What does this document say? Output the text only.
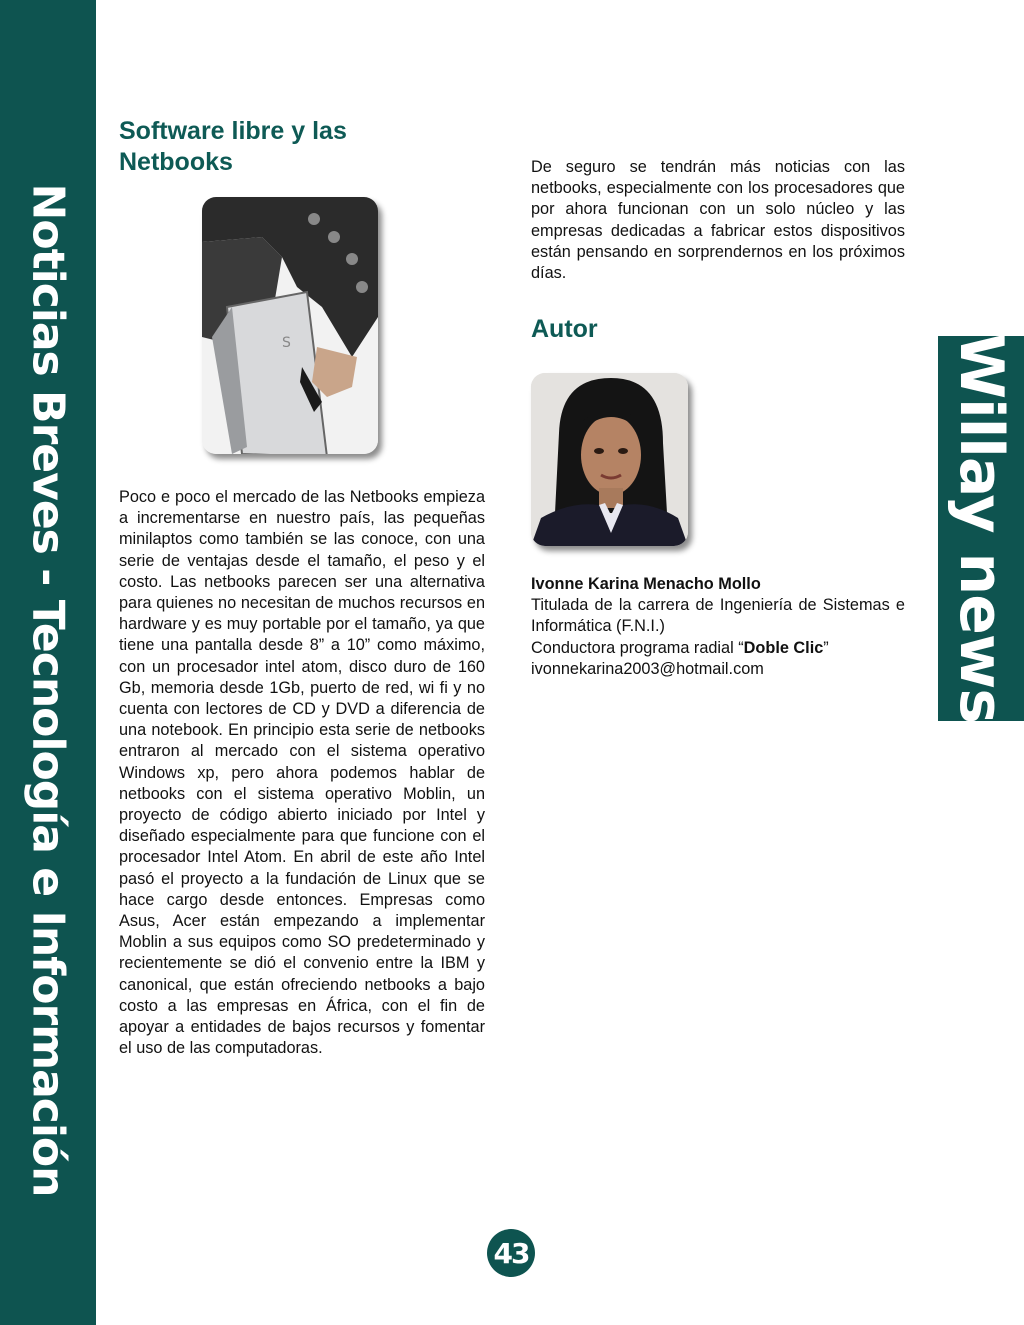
Noticias Breves - Tecnología e Información	Willay news
Software libre y las Netbooks
S

Poco e poco el mercado de las Netbooks empieza a incrementarse en nuestro país, las pequeñas minilaptos como también se las conoce, con una serie de ventajas desde el tamaño, el peso y el costo. Las netbooks parecen ser una alternativa para quienes no necesitan de muchos recursos en hardware y es muy portable por el tamaño, ya que tiene una pantalla desde 8” a 10” como máximo, con un procesador intel atom, disco duro de 160 Gb, memoria desde 1Gb, puerto de red, wi fi y no cuenta con lectores de CD y DVD a diferencia de una notebook. En principio esta serie de netbooks entraron al mercado con el sistema operativo Windows xp, pero ahora podemos hablar de netbooks con el sistema operativo Moblin, un proyecto de código abierto iniciado por Intel y diseñado especialmente para que funcione con el procesador Intel Atom. En abril de este año Intel pasó el proyecto a la fundación de Linux que se hace cargo desde entonces. Empresas como Asus, Acer están empezando a implementar Moblin a sus equipos como SO predeterminado y recientemente se dió el convenio entre la IBM y canonical, que están ofreciendo netbooks a bajo costo a las empresas en África, con el fin de apoyar a entidades de bajos recursos y fomentar el uso de las computadoras.

De seguro se tendrán más noticias con las netbooks, especialmente con los procesadores que por ahora funcionan con un solo núcleo y las empresas dedicadas a fabricar estos dispositivos están pensando en sorprendernos en los próximos días.
Autor

Ivonne Karina Menacho Mollo

Titulada de la carrera de Ingeniería de Sistemas e Informática (F.N.I.)

Conductora programa radial “Doble Clic”

ivonnekarina2003@hotmail.com

43
